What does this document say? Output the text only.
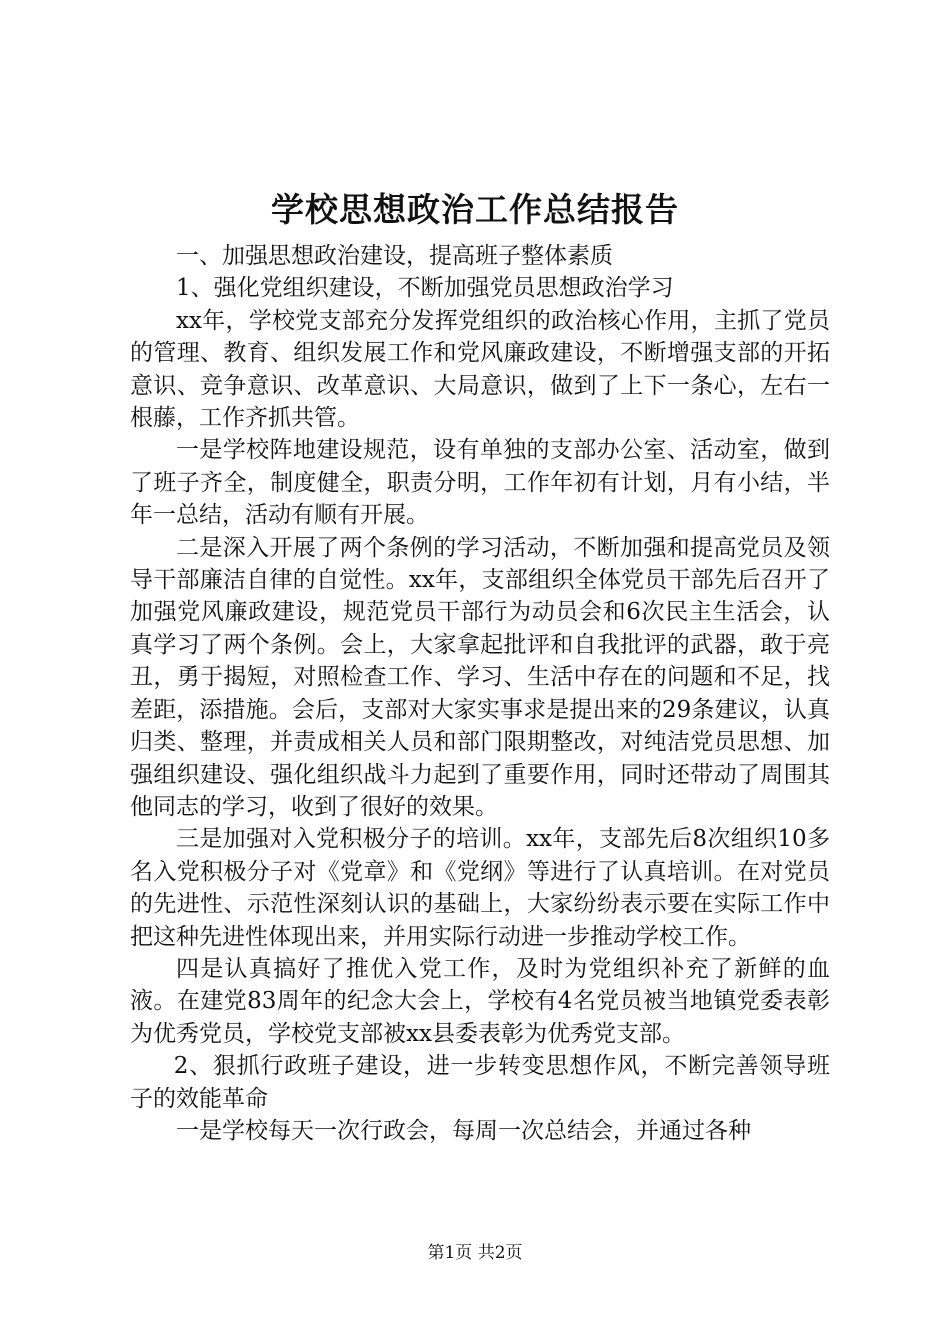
学校思想政治工作总结报告

一、加强思想政治建设，提高班子整体素质

1、强化党组织建设，不断加强党员思想政治学习

xx年，学校党支部充分发挥党组织的政治核心作用，主抓了党员的管理、教育、组织发展工作和党风廉政建设，不断增强支部的开拓意识、竞争意识、改革意识、大局意识，做到了上下一条心，左右一根藤，工作齐抓共管。

一是学校阵地建设规范，设有单独的支部办公室、活动室，做到了班子齐全，制度健全，职责分明，工作年初有计划，月有小结，半年一总结，活动有顺有开展。

二是深入开展了两个条例的学习活动，不断加强和提高党员及领导干部廉洁自律的自觉性。xx年，支部组织全体党员干部先后召开了加强党风廉政建设，规范党员干部行为动员会和6次民主生活会，认真学习了两个条例。会上，大家拿起批评和自我批评的武器，敢于亮丑，勇于揭短，对照检查工作、学习、生活中存在的问题和不足，找差距，添措施。会后，支部对大家实事求是提出来的29条建议，认真归类、整理，并责成相关人员和部门限期整改，对纯洁党员思想、加强组织建设、强化组织战斗力起到了重要作用，同时还带动了周围其他同志的学习，收到了很好的效果。

三是加强对入党积极分子的培训。xx年，支部先后8次组织10多名入党积极分子对《党章》和《党纲》等进行了认真培训。在对党员的先进性、示范性深刻认识的基础上，大家纷纷表示要在实际工作中把这种先进性体现出来，并用实际行动进一步推动学校工作。

四是认真搞好了推优入党工作，及时为党组织补充了新鲜的血液。在建党83周年的纪念大会上，学校有4名党员被当地镇党委表彰为优秀党员，学校党支部被xx县委表彰为优秀党支部。

2、狠抓行政班子建设，进一步转变思想作风，不断完善领导班子的效能革命

一是学校每天一次行政会，每周一次总结会，并通过各种

第1页 共2页
